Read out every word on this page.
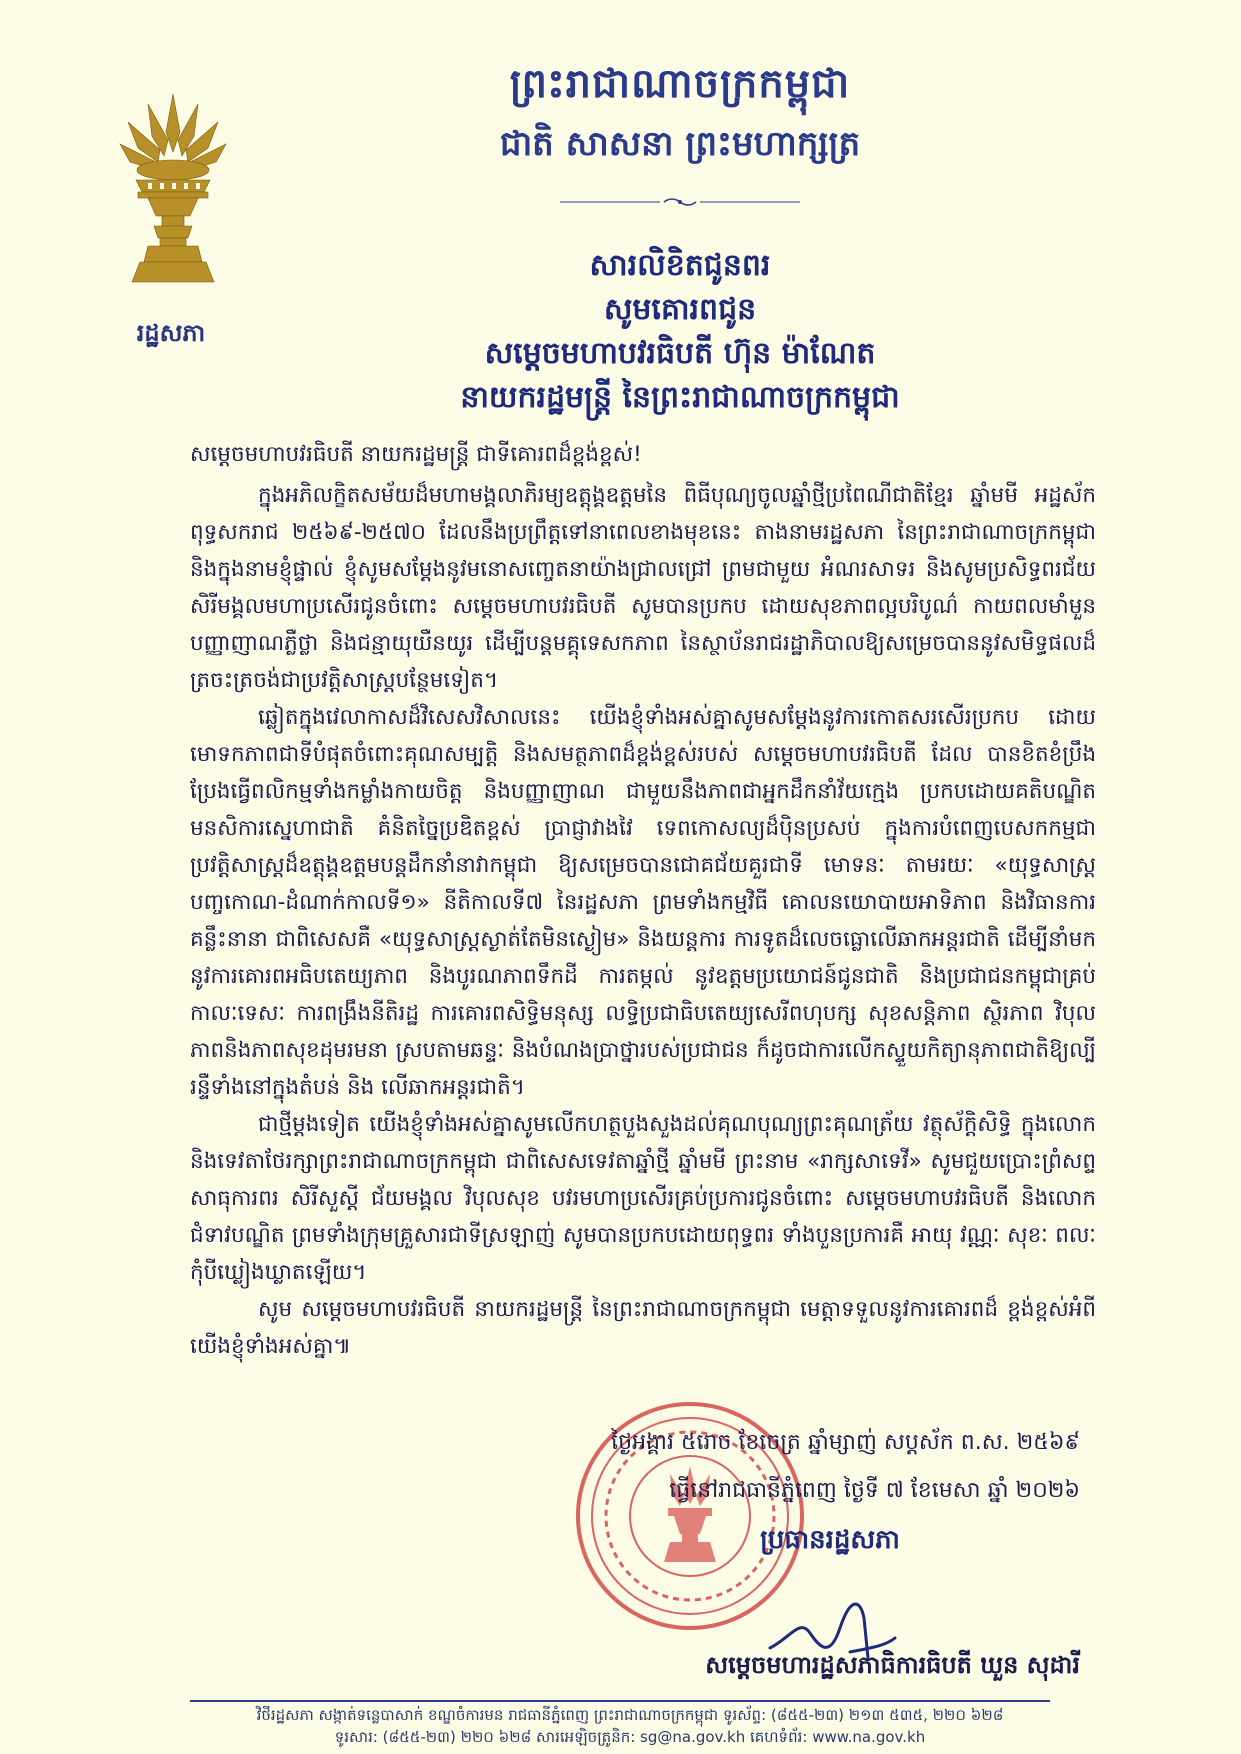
រដ្ឋសភា
ព្រះរាជាណាចក្រកម្ពុជា
ជាតិ សាសនា ព្រះមហាក្សត្រ
សារលិខិតជូនពរ
សូមគោរពជូន
សម្តេចមហាបវរធិបតី ហ៊ុន ម៉ាណែត
នាយករដ្ឋមន្ត្រី នៃព្រះរាជាណាចក្រកម្ពុជា

សម្តេចមហាបវរធិបតី នាយករដ្ឋមន្ត្រី ជាទីគោរពដ៏ខ្ពង់ខ្ពស់!

ក្នុងអភិលក្ខិតសម័យដ៏មហាមង្គលាភិរម្យឧត្តុង្គឧត្តមនៃ ពិធីបុណ្យចូលឆ្នាំថ្មីប្រពៃណីជាតិខ្មែរ ឆ្នាំមមី អដ្ឋស័ក ពុទ្ធសករាជ ២៥៦៩-២៥៧០ ដែលនឹងប្រព្រឹត្តទៅនាពេលខាងមុខនេះ តាងនាមរដ្ឋសភា នៃព្រះរាជាណាចក្រកម្ពុជា និងក្នុងនាមខ្ញុំផ្ទាល់ ខ្ញុំសូមសម្តែងនូវមនោសញ្ចេតនាយ៉ាងជ្រាលជ្រៅ ព្រមជាមួយ អំណរសាទរ និងសូមប្រសិទ្ធពរជ័យ សិរីមង្គលមហាប្រសើរជូនចំពោះ សម្តេចមហាបវរធិបតី សូមបានប្រកប ដោយសុខភាពល្អបរិបូណ៌ កាយពលមាំមួន បញ្ញាញាណភ្លឺថ្លា និងជន្មាយុយឺនយូរ ដើម្បីបន្តមគ្គុទេសកភាព នៃស្ថាប័នរាជរដ្ឋាភិបាលឱ្យសម្រេចបាននូវសមិទ្ធផលដ៏ត្រចះត្រចង់ជាប្រវត្តិសាស្ត្របន្ថែមទៀត។

ឆ្លៀតក្នុងវេលាកាសដ៏វិសេសវិសាលនេះ យើងខ្ញុំទាំងអស់គ្នាសូមសម្តែងនូវការកោតសរសើរប្រកប ដោយមោទកភាពជាទីបំផុតចំពោះគុណសម្បត្តិ និងសមត្ថភាពដ៏ខ្ពង់ខ្ពស់របស់ សម្តេចមហាបវរធិបតី ដែល បានខិតខំប្រឹងប្រែងធ្វើពលិកម្មទាំងកម្លាំងកាយចិត្ត និងបញ្ញាញាណ ជាមួយនឹងភាពជាអ្នកដឹកនាំវ័យក្មេង ប្រកបដោយគតិបណ្ឌិត មនសិការស្នេហាជាតិ គំនិតច្នៃប្រឌិតខ្ពស់ ប្រាជ្ញាវាងវៃ ទេពកោសល្យដ៏ប៉ិនប្រសប់ ក្នុងការបំពេញបេសកកម្មជាប្រវត្តិសាស្ត្រដ៏ឧត្តុង្គឧត្តមបន្តដឹកនាំនាវាកម្ពុជា ឱ្យសម្រេចបានជោគជ័យគួរជាទី មោទនៈ តាមរយៈ «យុទ្ធសាស្ត្របញ្ចកោណ-ដំណាក់កាលទី១» នីតិកាលទី៧ នៃរដ្ឋសភា ព្រមទាំងកម្មវិធី គោលនយោបាយអាទិភាព និងវិធានការគន្លឹះនានា ជាពិសេសគឺ «យុទ្ធសាស្ត្រស្ងាត់តែមិនស្ងៀម» និងយន្តការ ការទូតដ៏លេចធ្លោលើឆាកអន្តរជាតិ ដើម្បីនាំមកនូវការគោរពអធិបតេយ្យភាព និងបូរណភាពទឹកដី ការតម្កល់ នូវឧត្តមប្រយោជន៍ជូនជាតិ និងប្រជាជនកម្ពុជាគ្រប់កាលៈទេសៈ ការពង្រឹងនីតិរដ្ឋ ការគោរពសិទ្ធិមនុស្ស លទ្ធិប្រជាធិបតេយ្យសេរីពហុបក្ស សុខសន្តិភាព ស្ថិរភាព វិបុលភាពនិងភាពសុខដុមរមនា ស្របតាមឆន្ទៈ និងបំណងប្រាថ្នារបស់ប្រជាជន ក៏ដូចជាការលើកស្ទួយកិត្យានុភាពជាតិឱ្យល្បីរន្ទឺទាំងនៅក្នុងតំបន់ និង លើឆាកអន្តរជាតិ។

ជាថ្មីម្តងទៀត យើងខ្ញុំទាំងអស់គ្នាសូមលើកហត្ថបួងសួងដល់គុណបុណ្យព្រះគុណត្រ័យ វត្ថុស័ក្តិសិទ្ធិ ក្នុងលោក និងទេវតាថែរក្សាព្រះរាជាណាចក្រកម្ពុជា ជាពិសេសទេវតាឆ្នាំថ្មី ឆ្នាំមមី ព្រះនាម «រាក្សសាទេវី» សូមជួយប្រោះព្រំសព្ទសាធុការពរ សិរីសួស្តី ជ័យមង្គល វិបុលសុខ បវរមហាប្រសើរគ្រប់ប្រការជូនចំពោះ សម្តេចមហាបវរធិបតី និងលោកជំទាវបណ្ឌិត ព្រមទាំងក្រុមគ្រួសារជាទីស្រឡាញ់ សូមបានប្រកបដោយពុទ្ធពរ ទាំងបួនប្រការគឺ អាយុ វណ្ណៈ សុខៈ ពលៈ កុំបីឃ្លៀងឃ្លាតឡើយ។

សូម សម្តេចមហាបវរធិបតី នាយករដ្ឋមន្ត្រី នៃព្រះរាជាណាចក្រកម្ពុជា មេត្តាទទួលនូវការគោរពដ៏ ខ្ពង់ខ្ពស់អំពីយើងខ្ញុំទាំងអស់គ្នា៕

ថ្ងៃអង្គារ ៥រោច ខែចេត្រ ឆ្នាំម្សាញ់ សប្តស័ក ព.ស. ២៥៦៩
ធ្វើនៅរាជធានីភ្នំពេញ ថ្ងៃទី ៧ ខែមេសា ឆ្នាំ ២០២៦
ប្រធានរដ្ឋសភា
សម្តេចមហារដ្ឋសភាធិការធិបតី ឃួន សុដារី
វិថីរដ្ឋសភា សង្កាត់ទន្លេបាសាក់ ខណ្ឌចំការមន រាជធានីភ្នំពេញ ព្រះរាជាណាចក្រកម្ពុជា ទូរស័ព្ទ: (៨៥៥-២៣) ២១៣ ៥៣៥, ២២០ ៦២៨
ទូរសារ: (៨៥៥-២៣) ២២០ ៦២៨ សារអេឡិចត្រូនិក: sg@na.gov.kh គេហទំព័រ: www.na.gov.kh
